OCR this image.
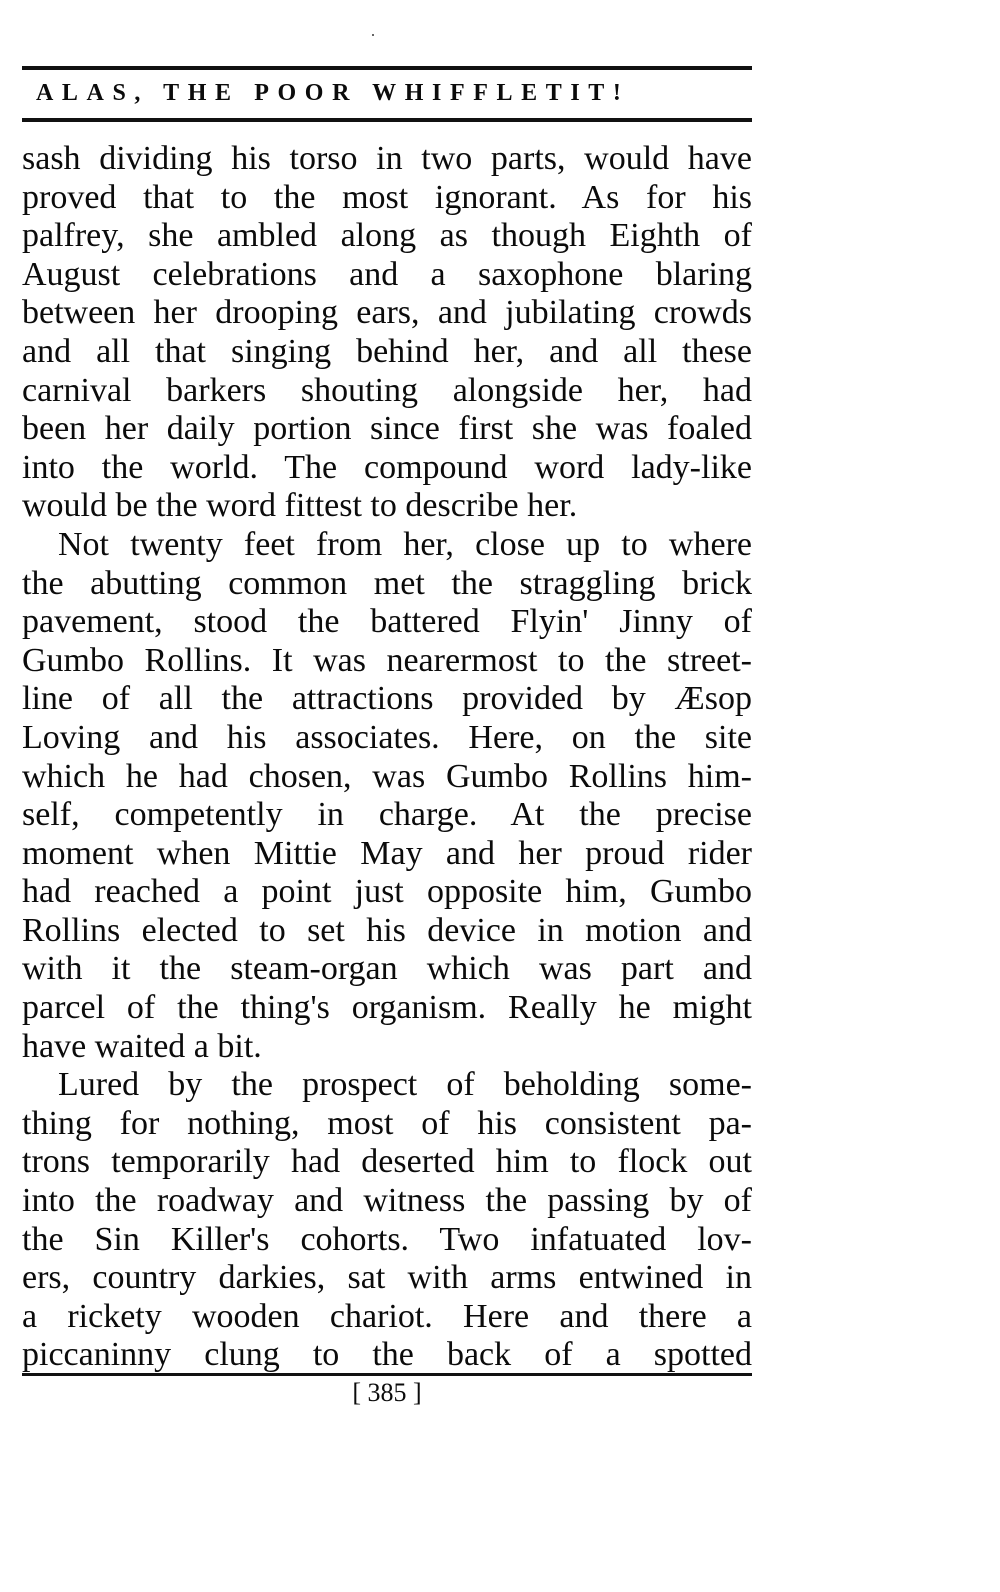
ALAS, THE POOR WHIFFLETIT!
sash dividing his torso in two parts, would have
proved that to the most ignorant. As for his
palfrey, she ambled along as though Eighth of
August celebrations and a saxophone blaring
between her drooping ears, and jubilating crowds
and all that singing behind her, and all these
carnival barkers shouting alongside her, had
been her daily portion since first she was foaled
into the world. The compound word lady-like
would be the word fittest to describe her.
Not twenty feet from her, close up to where
the abutting common met the straggling brick
pavement, stood the battered Flyin' Jinny of
Gumbo Rollins. It was nearermost to the street-
line of all the attractions provided by Æsop
Loving and his associates. Here, on the site
which he had chosen, was Gumbo Rollins him-
self, competently in charge. At the precise
moment when Mittie May and her proud rider
had reached a point just opposite him, Gumbo
Rollins elected to set his device in motion and
with it the steam-organ which was part and
parcel of the thing's organism. Really he might
have waited a bit.
Lured by the prospect of beholding some-
thing for nothing, most of his consistent pa-
trons temporarily had deserted him to flock out
into the roadway and witness the passing by of
the Sin Killer's cohorts. Two infatuated lov-
ers, country darkies, sat with arms entwined in
a rickety wooden chariot. Here and there a
piccaninny clung to the back of a spotted
[ 385 ]
